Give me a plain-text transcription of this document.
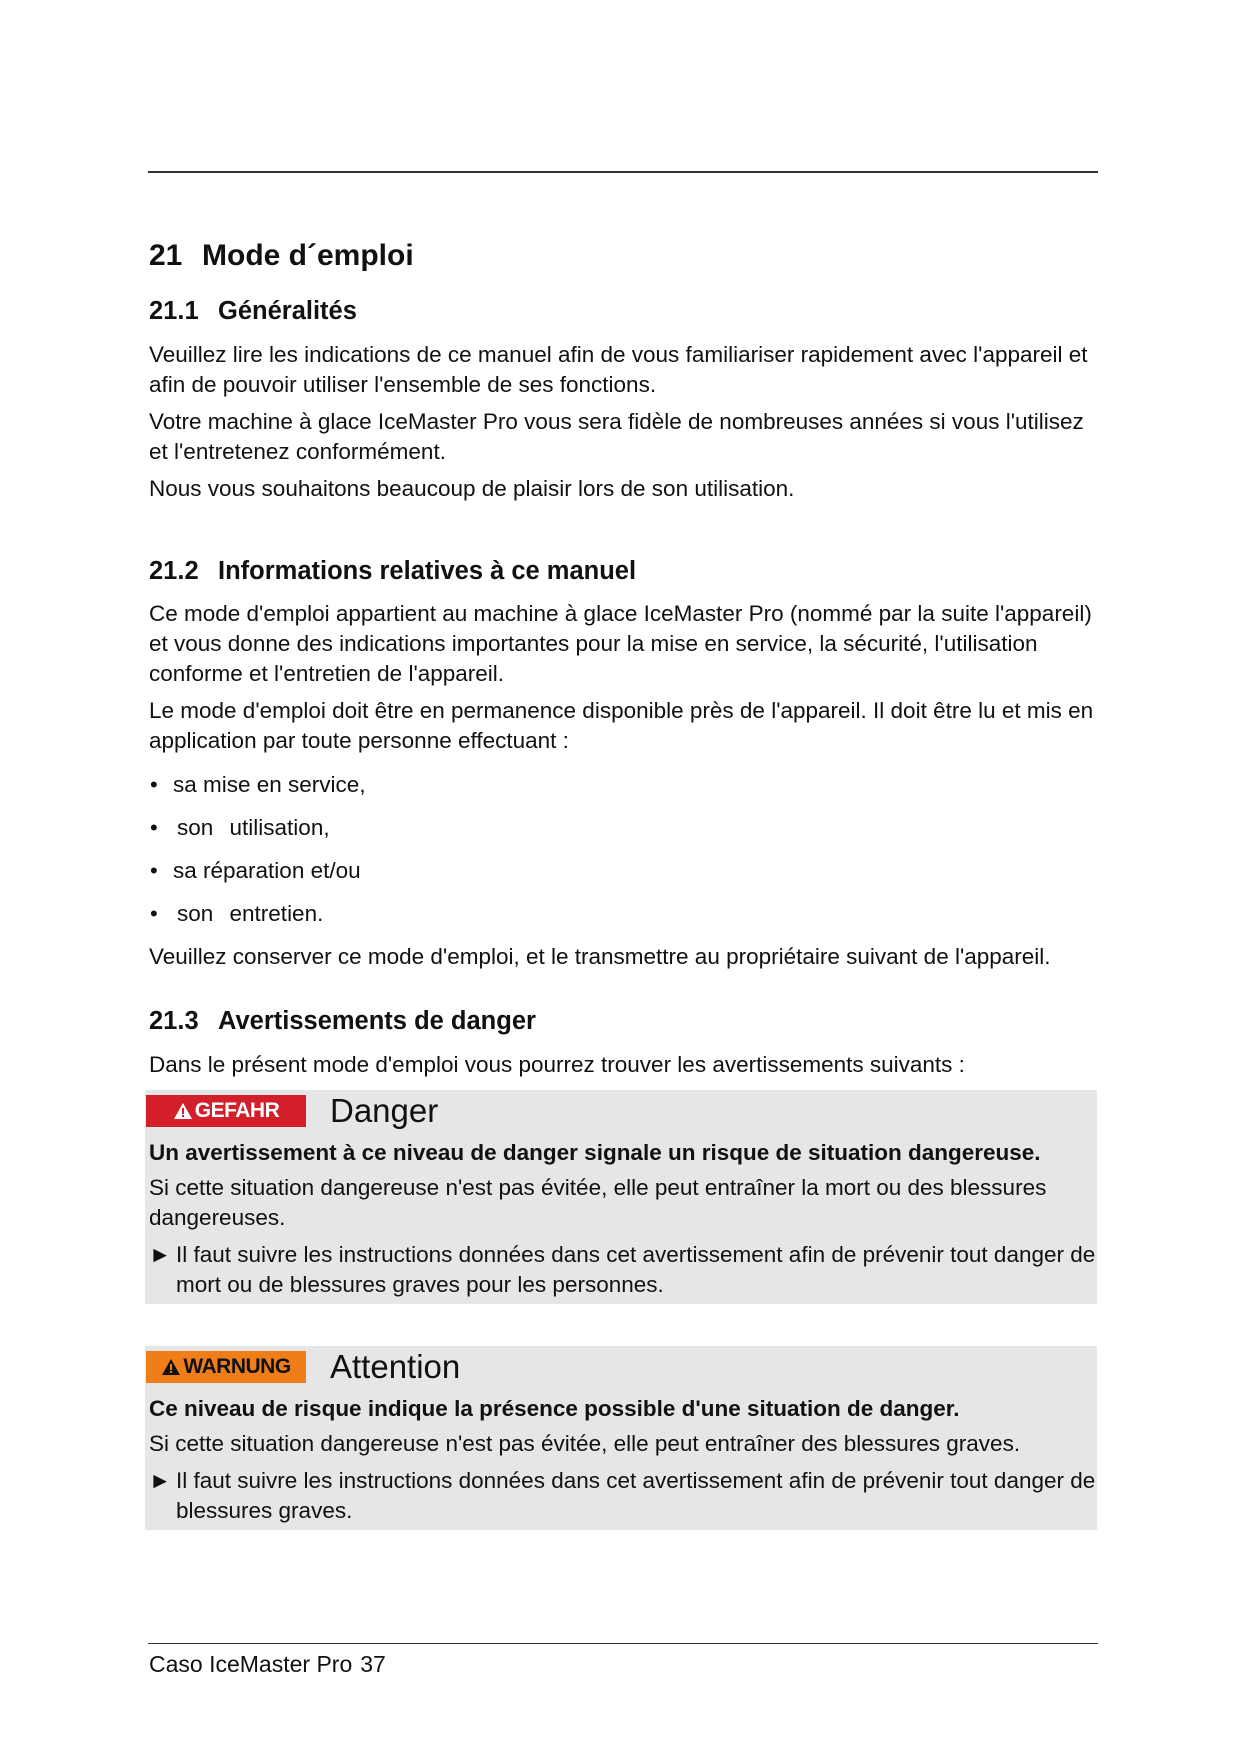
21 Mode d´emploi
21.1 Généralités

Veuillez lire les indications de ce manuel afin de vous familiariser rapidement avec l'appareil et afin de pouvoir utiliser l'ensemble de ses fonctions.

Votre machine à glace IceMaster Pro vous sera fidèle de nombreuses années si vous l'utilisez et l'entretenez conformément.

Nous vous souhaitons beaucoup de plaisir lors de son utilisation.

21.2 Informations relatives à ce manuel

Ce mode d'emploi appartient au machine à glace IceMaster Pro (nommé par la suite l'appareil) et vous donne des indications importantes pour la mise en service, la sécurité, l'utilisation conforme et l'entretien de l'appareil.

Le mode d'emploi doit être en permanence disponible près de l'appareil. Il doit être lu et mis en application par toute personne effectuant :

• sa mise en service,
• son utilisation,
• sa réparation et/ou
• son entretien.

Veuillez conserver ce mode d'emploi, et le transmettre au propriétaire suivant de l'appareil.

21.3 Avertissements de danger

Dans le présent mode d'emploi vous pourrez trouver les avertissements suivants :

GEFAHR Danger

Un avertissement à ce niveau de danger signale un risque de situation dangereuse.

Si cette situation dangereuse n'est pas évitée, elle peut entraîner la mort ou des blessures dangereuses.

► Il faut suivre les instructions données dans cet avertissement afin de prévenir tout danger de mort ou de blessures graves pour les personnes.

WARNUNG Attention

Ce niveau de risque indique la présence possible d'une situation de danger.

Si cette situation dangereuse n'est pas évitée, elle peut entraîner des blessures graves.

► Il faut suivre les instructions données dans cet avertissement afin de prévenir tout danger de blessures graves.

Caso IceMaster Pro 37
